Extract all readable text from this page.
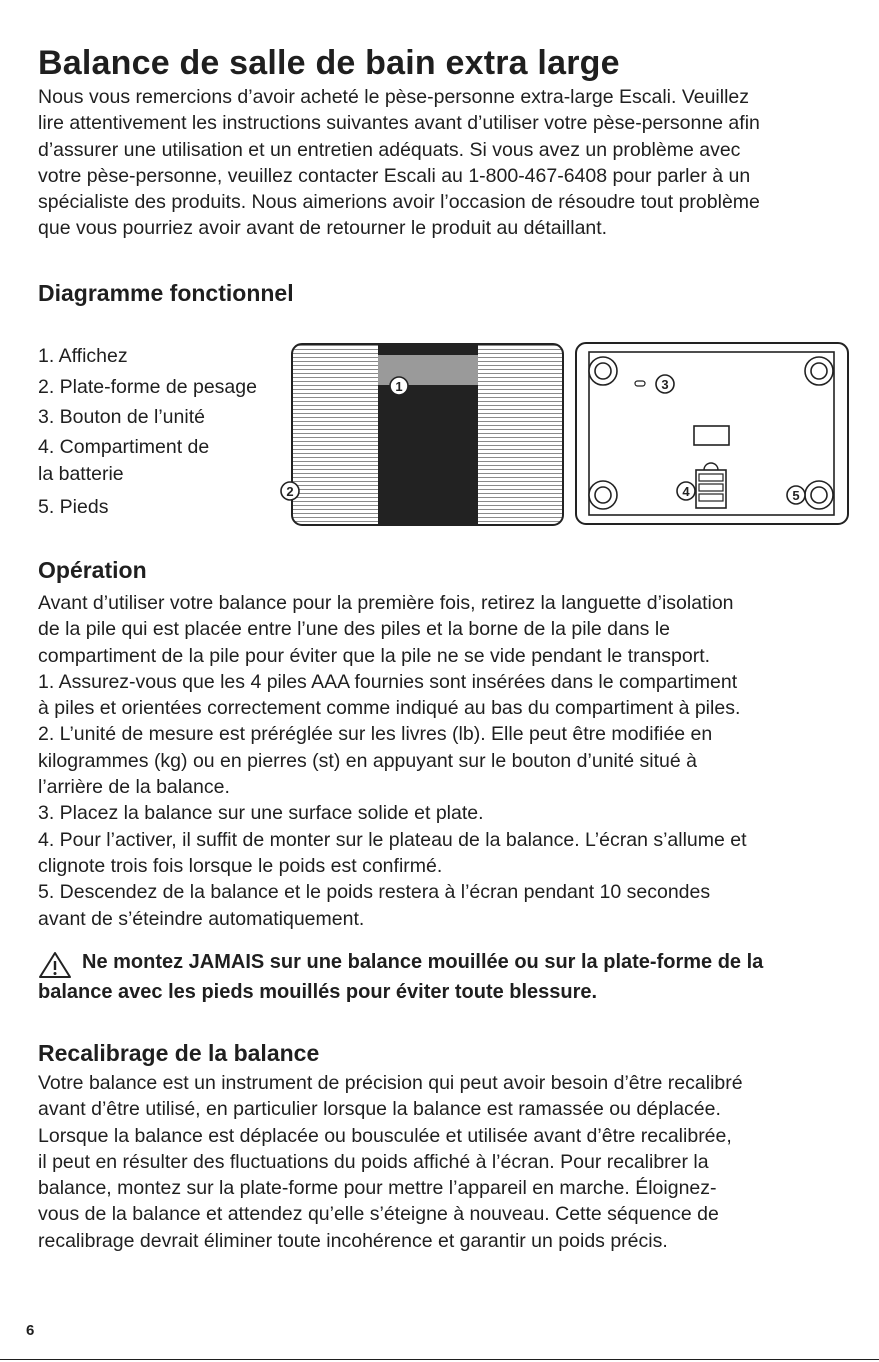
Balance de salle de bain extra large
Nous vous remercions d’avoir acheté le pèse-personne extra-large Escali. Veuillez
lire attentivement les instructions suivantes avant d’utiliser votre pèse-personne afin
d’assurer une utilisation et un entretien adéquats. Si vous avez un problème avec
votre pèse-personne, veuillez contacter Escali au 1-800-467-6408 pour parler à un
spécialiste des produits. Nous aimerions avoir l’occasion de résoudre tout problème
que vous pourriez avoir avant de retourner le produit au détaillant.
Diagramme fonctionnel
1. Affichez
2. Plate-forme de pesage
3. Bouton de l’unité
4. Compartiment de
la batterie
5. Pieds
1
2
3
4	5
Opération
Avant d’utiliser votre balance pour la première fois, retirez la languette d’isolation
de la pile qui est placée entre l’une des piles et la borne de la pile dans le
compartiment de la pile pour éviter que la pile ne se vide pendant le transport.
1. Assurez-vous que les 4 piles AAA fournies sont insérées dans le compartiment
à piles et orientées correctement comme indiqué au bas du compartiment à piles.
2. L’unité de mesure est préréglée sur les livres (lb). Elle peut être modifiée en
kilogrammes (kg) ou en pierres (st) en appuyant sur le bouton d’unité situé à
l’arrière de la balance.
3. Placez la balance sur une surface solide et plate.
4. Pour l’activer, il suffit de monter sur le plateau de la balance. L’écran s’allume et
clignote trois fois lorsque le poids est confirmé.
5. Descendez de la balance et le poids restera à l’écran pendant 10 secondes
avant de s’éteindre automatiquement.
Ne montez JAMAIS sur une balance mouillée ou sur la plate-forme de la
balance avec les pieds mouillés pour éviter toute blessure.
Recalibrage de la balance
Votre balance est un instrument de précision qui peut avoir besoin d’être recalibré
avant d’être utilisé, en particulier lorsque la balance est ramassée ou déplacée.
Lorsque la balance est déplacée ou bousculée et utilisée avant d’être recalibrée,
il peut en résulter des fluctuations du poids affiché à l’écran. Pour recalibrer la
balance, montez sur la plate-forme pour mettre l’appareil en marche. Éloignez-
vous de la balance et attendez qu’elle s’éteigne à nouveau. Cette séquence de
recalibrage devrait éliminer toute incohérence et garantir un poids précis.
6
